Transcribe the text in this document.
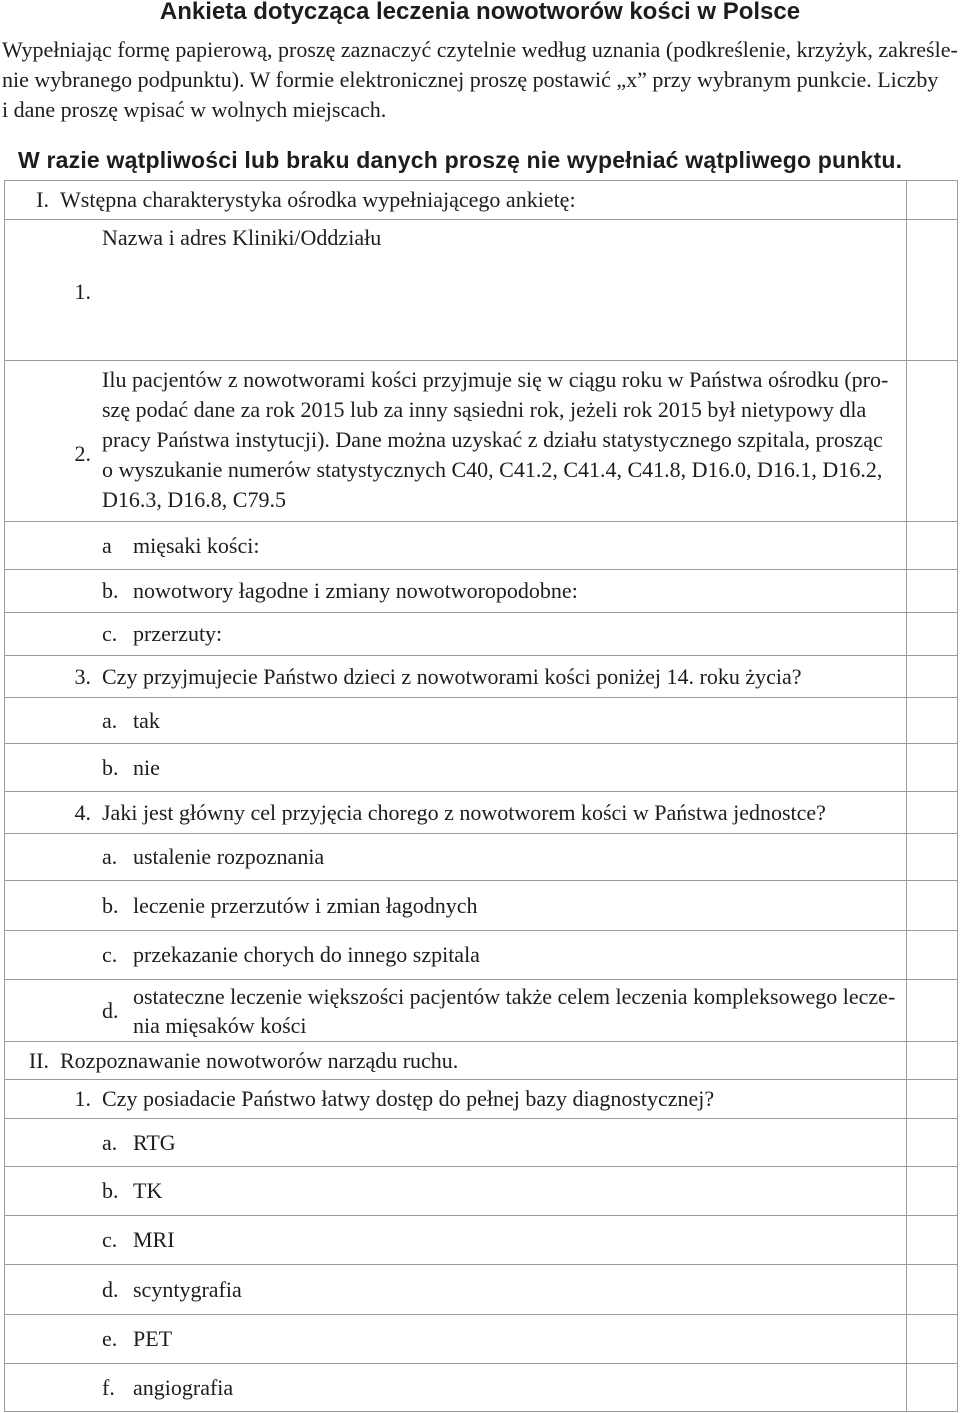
Ankieta dotycząca leczenia nowotworów kości w Polsce
Wypełniając formę papierową, proszę zaznaczyć czytelnie według uznania (podkreślenie, krzyżyk, zakreśle-
nie wybranego podpunktu). W formie elektronicznej proszę postawić „x” przy wybranym punkcie. Liczby
i dane proszę wpisać w wolnych miejscach.
W razie wątpliwości lub braku danych proszę nie wypełniać wątpliwego punktu.
I. Wstępna charakterystyka ośrodka wypełniającego ankietę:
1.
Nazwa i adres Kliniki/Oddziału
2.
Ilu pacjentów z nowotworami kości przyjmuje się w ciągu roku w Państwa ośrodku (pro-
szę podać dane za rok 2015 lub za inny sąsiedni rok, jeżeli rok 2015 był nietypowy dla
pracy Państwa instytucji). Dane można uzyskać z działu statystycznego szpitala, prosząc
o wyszukanie numerów statystycznych C40, C41.2, C41.4, C41.8, D16.0, D16.1, D16.2,
D16.3, D16.8, C79.5
a mięsaki kości:
b. nowotwory łagodne i zmiany nowotworopodobne:
c. przerzuty:
3. Czy przyjmujecie Państwo dzieci z nowotworami kości poniżej 14. roku życia?
a. tak
b. nie
4. Jaki jest główny cel przyjęcia chorego z nowotworem kości w Państwa jednostce?
a. ustalenie rozpoznania
b. leczenie przerzutów i zmian łagodnych
c. przekazanie chorych do innego szpitala
d.
ostateczne leczenie większości pacjentów także celem leczenia kompleksowego lecze-
nia mięsaków kości
II. Rozpoznawanie nowotworów narządu ruchu.
1. Czy posiadacie Państwo łatwy dostęp do pełnej bazy diagnostycznej?
a. RTG
b. TK
c. MRI
d. scyntygrafia
e. PET
f. angiografia
